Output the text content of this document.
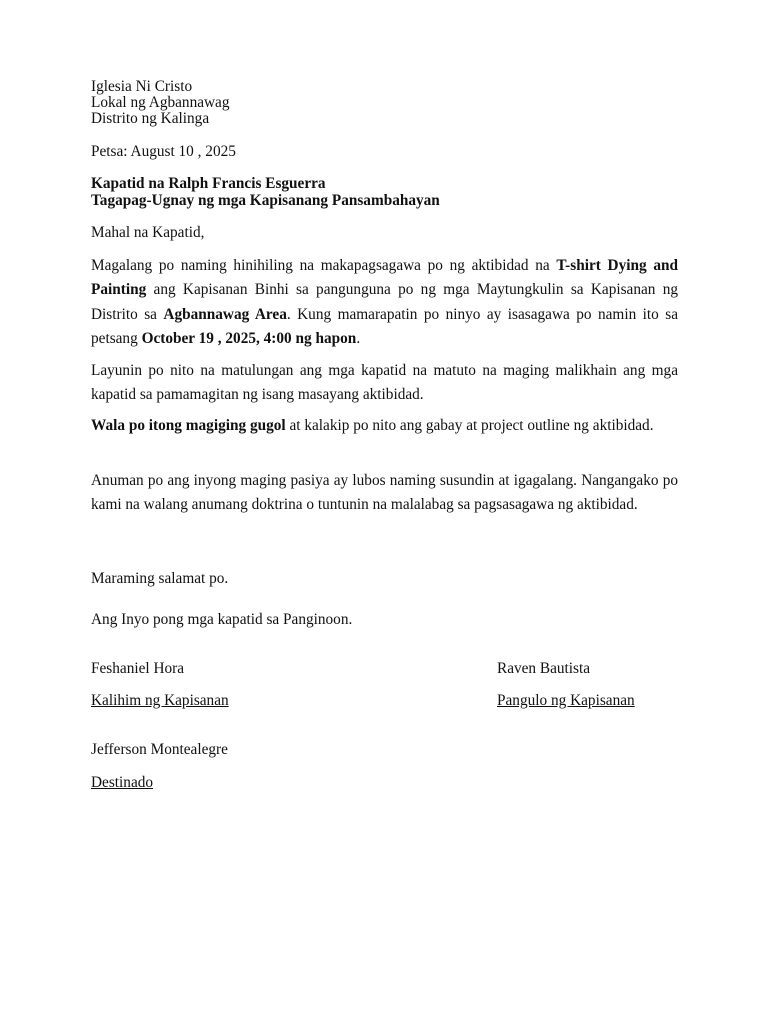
Iglesia Ni Cristo
Lokal ng Agbannawag
Distrito ng Kalinga
Petsa: August 10 , 2025
Kapatid na Ralph Francis Esguerra
Tagapag-Ugnay ng mga Kapisanang Pansambahayan
Mahal na Kapatid,
Magalang po naming hinihiling na makapagsagawa po ng aktibidad na T-shirt Dying and Painting ang Kapisanan Binhi sa pangunguna po ng mga Maytungkulin sa Kapisanan ng Distrito sa Agbannawag Area. Kung mamarapatin po ninyo ay isasagawa po namin ito sa petsang October 19 , 2025, 4:00 ng hapon.
Layunin po nito na matulungan ang mga kapatid na matuto na maging malikhain ang mga kapatid sa pamamagitan ng isang masayang aktibidad.
Wala po itong magiging gugol at kalakip po nito ang gabay at project outline ng aktibidad.
Anuman po ang inyong maging pasiya ay lubos naming susundin at igagalang. Nangangako po kami na walang anumang doktrina o tuntunin na malalabag sa pagsasagawa ng aktibidad.
Maraming salamat po.
Ang Inyo pong mga kapatid sa Panginoon.
Feshaniel Hora	Raven Bautista
Kalihim ng Kapisanan	Pangulo ng Kapisanan
Jefferson Montealegre
Destinado
